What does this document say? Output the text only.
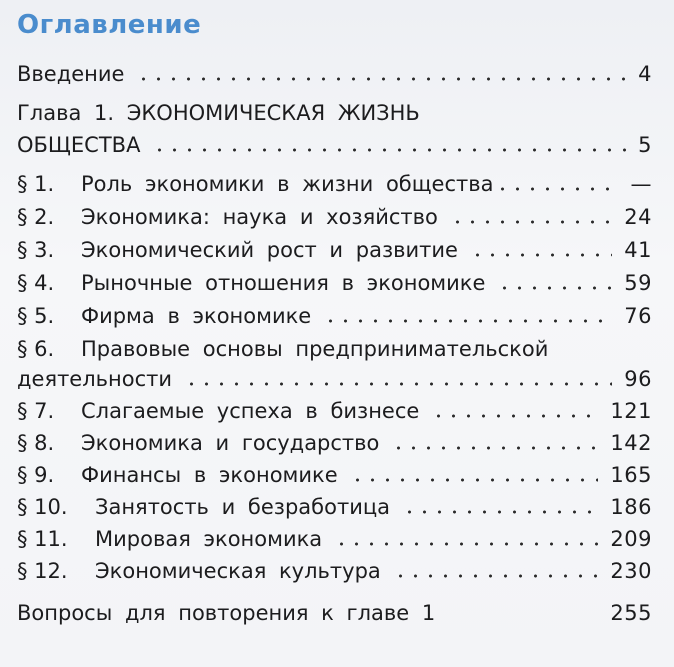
Оглавление
Введение	4
Глава 1. ЭКОНОМИЧЕСКАЯ ЖИЗНЬ
ОБЩЕСТВА	5
§ 1. Роль экономики в жизни общества	—
§ 2. Экономика: наука и хозяйство	24
§ 3. Экономический рост и развитие	41
§ 4. Рыночные отношения в экономике	59
§ 5. Фирма в экономике	76
§ 6. Правовые основы предпринимательской
деятельности	96
§ 7. Слагаемые успеха в бизнесе	121
§ 8. Экономика и государство	142
§ 9. Финансы в экономике	165
§ 10. Занятость и безработица	186
§ 11. Мировая экономика	209
§ 12. Экономическая культура	230
Вопросы для повторения к главе 1	255
